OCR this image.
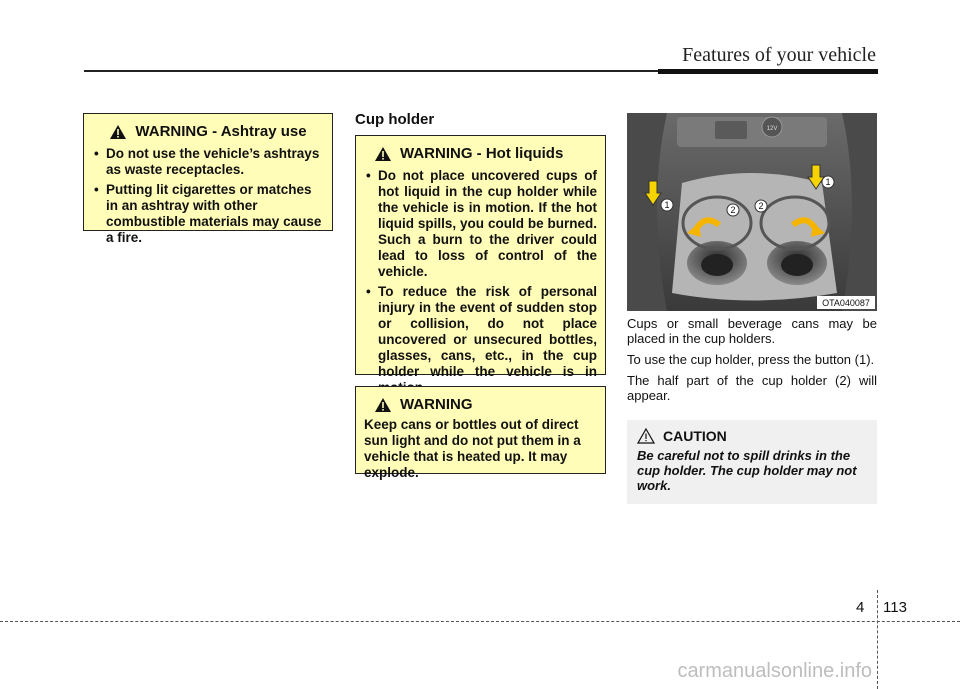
Features of your vehicle
WARNING - Ashtray use
• Do not use the vehicle’s ashtrays as waste receptacles.
• Putting lit cigarettes or matches in an ashtray with other combustible materials may cause a fire.
Cup holder
WARNING - Hot liquids
• Do not place uncovered cups of hot liquid in the cup holder while the vehicle is in motion. If the hot liquid spills, you could be burned. Such a burn to the driver could lead to loss of control of the vehicle.
• To reduce the risk of personal injury in the event of sudden stop or collision, do not place uncovered or unsecured bottles, glasses, cans, etc., in the cup holder while the vehicle is in
WARNING
Keep cans or bottles out of direct sun light and do not put them in a vehicle that is heated up. It may explode.
12V
1
1
2	2
OTA040087

Cups or small beverage cans may be placed in the cup holders.

To use the cup holder, press the button (1).

The half part of the cup holder (2) will appear.

CAUTION
Be careful not to spill drinks in the cup holder. The cup holder may not work.
4 113
carmanualsonline.info
